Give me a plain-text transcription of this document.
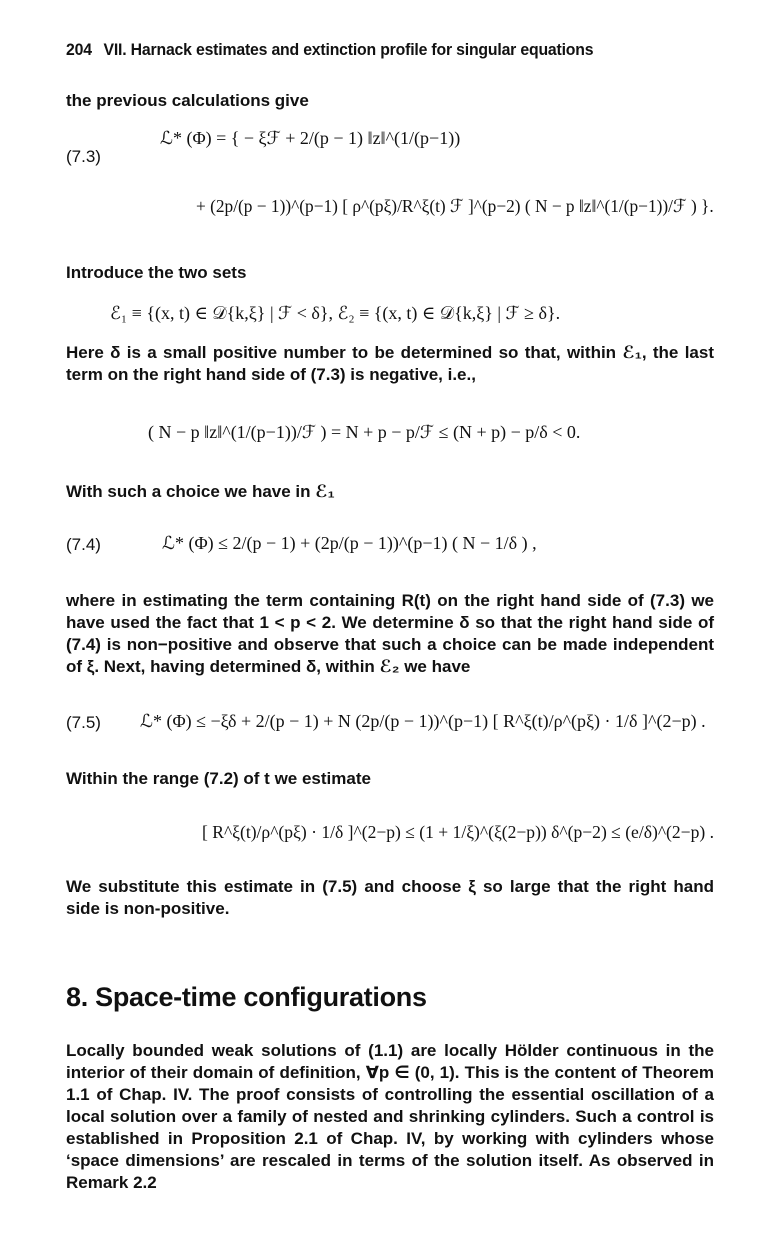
204 VII. Harnack estimates and extinction profile for singular equations
the previous calculations give
(7.3)
ℒ* (Φ) = { − ξℱ + 2/(p − 1) ‖z‖^(1/(p−1))
+ (2p/(p − 1))^(p−1) [ ρ^(pξ)/R^ξ(t) ℱ ]^(p−2) ( N − p ‖z‖^(1/(p−1))/ℱ ) }.
Introduce the two sets
ℰ₁ ≡ {(x, t) ∈ 𝒟{k,ξ} | ℱ < δ}, ℰ₂ ≡ {(x, t) ∈ 𝒟{k,ξ} | ℱ ≥ δ}.
Here δ is a small positive number to be determined so that, within ℰ₁, the last term on the right hand side of (7.3) is negative, i.e.,
( N − p ‖z‖^(1/(p−1))/ℱ ) = N + p − p/ℱ ≤ (N + p) − p/δ < 0.
With such a choice we have in ℰ₁
(7.4)	ℒ* (Φ) ≤ 2/(p − 1) + (2p/(p − 1))^(p−1) ( N − 1/δ ) ,
where in estimating the term containing R(t) on the right hand side of (7.3) we have used the fact that 1 < p < 2. We determine δ so that the right hand side of (7.4) is non−positive and observe that such a choice can be made independent of ξ. Next, having determined δ, within ℰ₂ we have
(7.5) ℒ* (Φ) ≤ −ξδ + 2/(p − 1) + N (2p/(p − 1))^(p−1) [ R^ξ(t)/ρ^(pξ) · 1/δ ]^(2−p) .
Within the range (7.2) of t we estimate
[ R^ξ(t)/ρ^(pξ) · 1/δ ]^(2−p) ≤ (1 + 1/ξ)^(ξ(2−p)) δ^(p−2) ≤ (e/δ)^(2−p) .
We substitute this estimate in (7.5) and choose ξ so large that the right hand side is non-positive.
8. Space-time configurations
Locally bounded weak solutions of (1.1) are locally Hölder continuous in the interior of their domain of definition, ∀p ∈ (0, 1). This is the content of Theorem 1.1 of Chap. IV. The proof consists of controlling the essential oscillation of a local solution over a family of nested and shrinking cylinders. Such a control is established in Proposition 2.1 of Chap. IV, by working with cylinders whose ‘space dimensions’ are rescaled in terms of the solution itself. As observed in Remark 2.2
